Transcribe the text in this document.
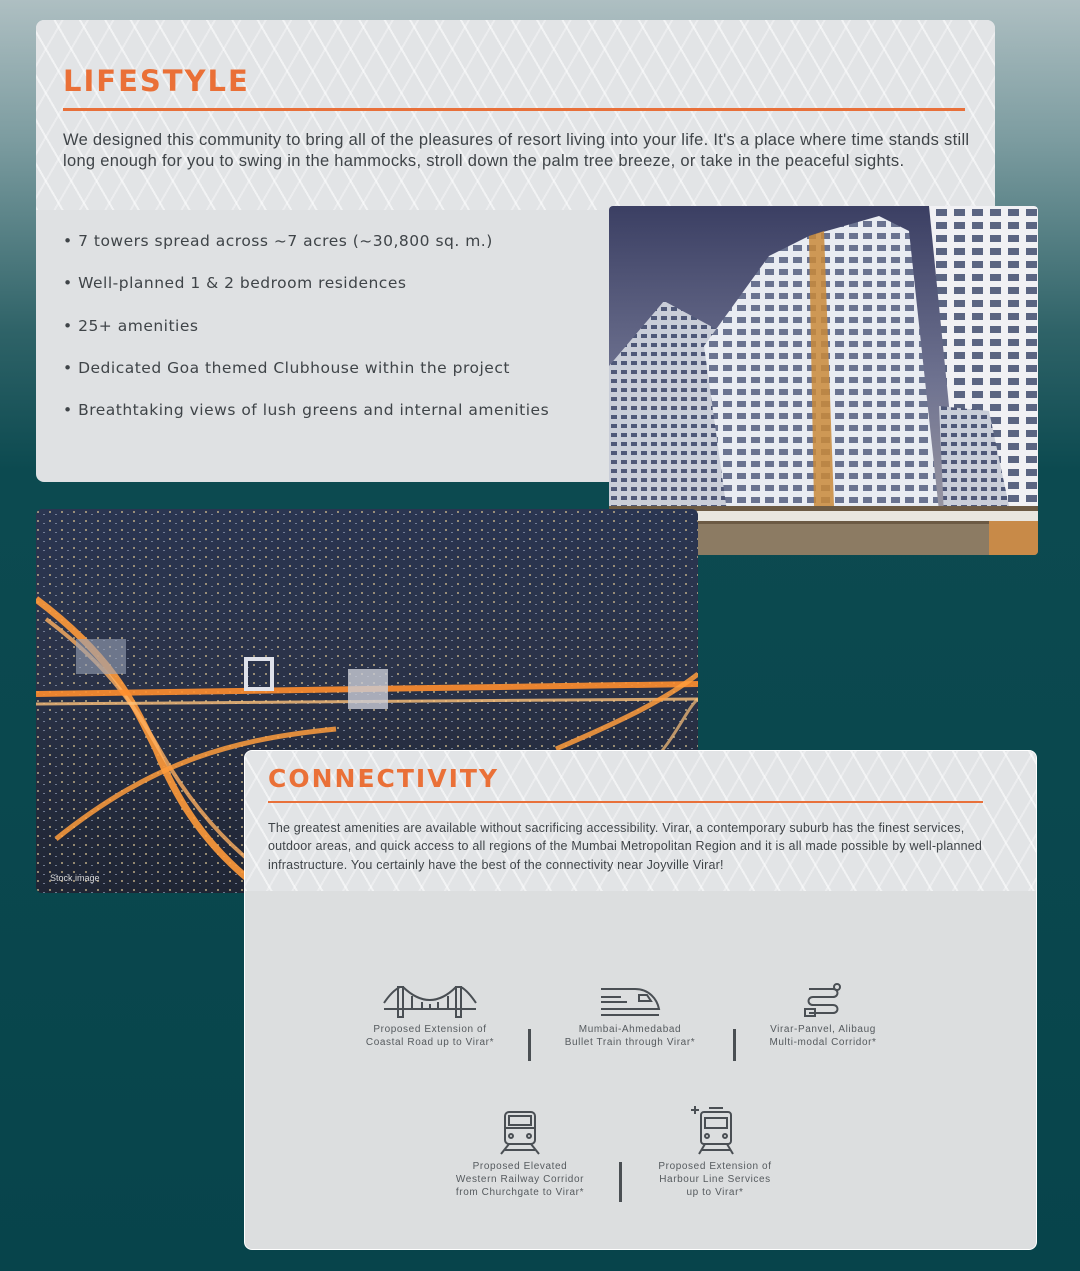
LIFESTYLE

We designed this community to bring all of the pleasures of resort living into your life. It's a place where time stands still long enough for you to swing in the hammocks, stroll down the palm tree breeze, or take in the peaceful sights.

• 7 towers spread across ~7 acres (~30,800 sq. m.)
• Well-planned 1 & 2 bedroom residences
• 25+ amenities
• Dedicated Goa themed Clubhouse within the project
• Breathtaking views of lush greens and internal amenities
Stock image
CONNECTIVITY

The greatest amenities are available without sacrificing accessibility. Virar, a contemporary suburb has the finest services, outdoor areas, and quick access to all regions of the Mumbai Metropolitan Region and it is all made possible by well-planned infrastructure. You certainly have the best of the connectivity near Joyville Virar!

Proposed Extension of
Coastal Road up to Virar*
Mumbai-Ahmedabad
Bullet Train through Virar*
Virar-Panvel, Alibaug
Multi-modal Corridor*
Proposed Elevated
Western Railway Corridor
from Churchgate to Virar*
Proposed Extension of
Harbour Line Services
up to Virar*
